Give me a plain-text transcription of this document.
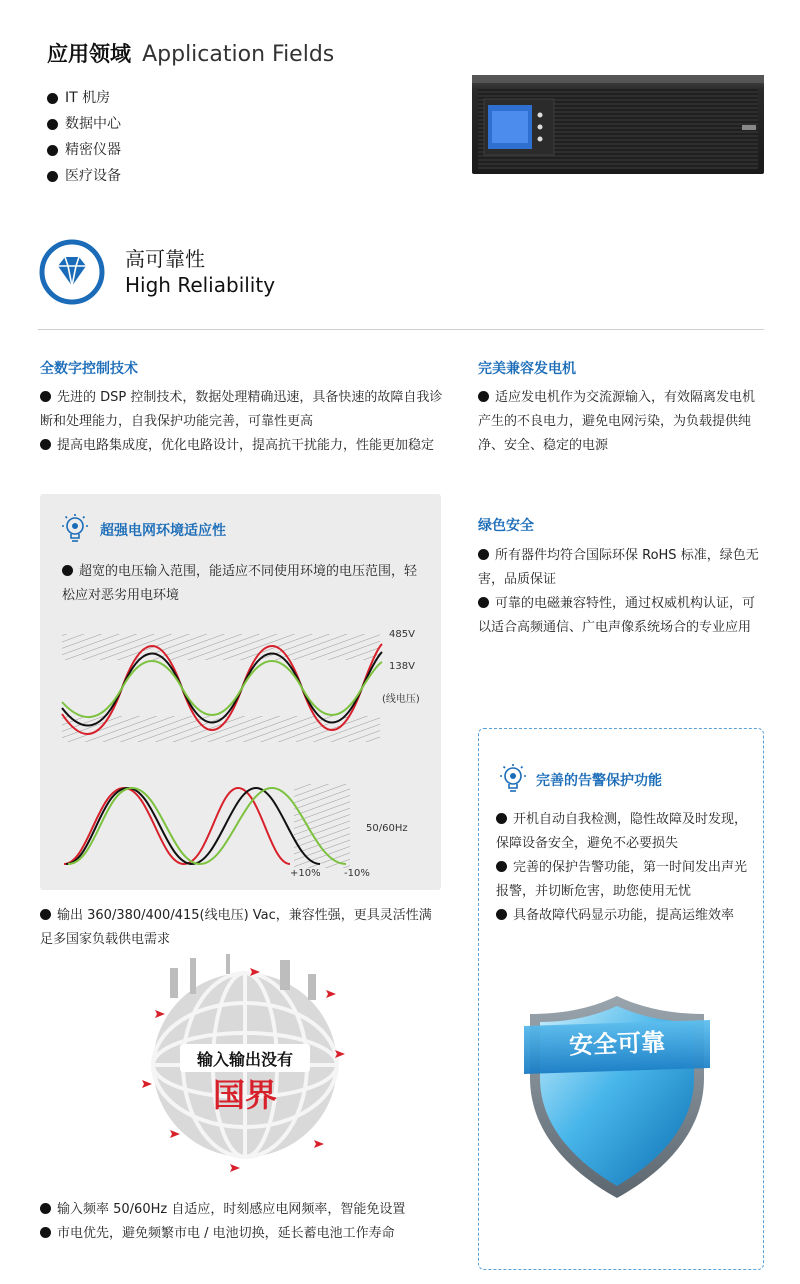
应用领域 Application Fields
IT 机房
数据中心
精密仪器
医疗设备
高可靠性
High Reliability
全数字控制技术
先进的 DSP 控制技术，数据处理精确迅速，具备快速的故障自我诊断和处理能力，自我保护功能完善，可靠性更高
提高电路集成度，优化电路设计，提高抗干扰能力，性能更加稳定
完美兼容发电机
适应发电机作为交流源输入，有效隔离发电机产生的不良电力，避免电网污染，为负载提供纯净、安全、稳定的电源
超强电网环境适应性
超宽的电压输入范围，能适应不同使用环境的电压范围，轻松应对恶劣用电环境
485V
138V
(线电压)
50/60Hz
+10% -10%
输出 360/380/400/415(线电压) Vac，兼容性强，更具灵活性满足多国家负载供电需求
输入输出没有
国界
输入频率 50/60Hz 自适应，时刻感应电网频率，智能免设置
市电优先，避免频繁市电 / 电池切换，延长蓄电池工作寿命
绿色安全
所有器件均符合国际环保 RoHS 标准，绿色无害，品质保证
可靠的电磁兼容特性，通过权威机构认证，可以适合高频通信、广电声像系统场合的专业应用
完善的告警保护功能
开机自动自我检测，隐性故障及时发现，保障设备安全，避免不必要损失
完善的保护告警功能，第一时间发出声光报警，并切断危害，助您使用无忧
具备故障代码显示功能，提高运维效率
安全可靠
